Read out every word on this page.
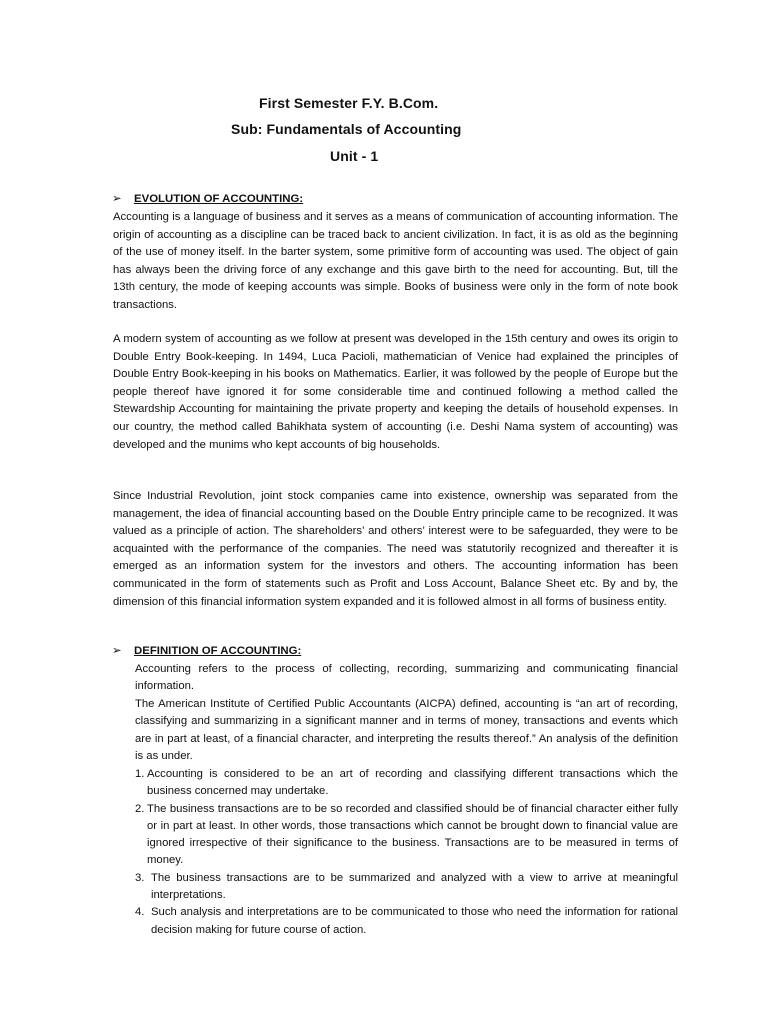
First Semester F.Y. B.Com.
Sub: Fundamentals of Accounting
Unit - 1
➢ EVOLUTION OF ACCOUNTING:

Accounting is a language of business and it serves as a means of communication of accounting information. The origin of accounting as a discipline can be traced back to ancient civilization. In fact, it is as old as the beginning of the use of money itself. In the barter system, some primitive form of accounting was used. The object of gain has always been the driving force of any exchange and this gave birth to the need for accounting. But, till the 13th century, the mode of keeping accounts was simple. Books of business were only in the form of note book transactions.

A modern system of accounting as we follow at present was developed in the 15th century and owes its origin to Double Entry Book-keeping. In 1494, Luca Pacioli, mathematician of Venice had explained the principles of Double Entry Book-keeping in his books on Mathematics. Earlier, it was followed by the people of Europe but the people thereof have ignored it for some considerable time and continued following a method called the Stewardship Accounting for maintaining the private property and keeping the details of household expenses. In our country, the method called Bahikhata system of accounting (i.e. Deshi Nama system of accounting) was developed and the munims who kept accounts of big households.

Since Industrial Revolution, joint stock companies came into existence, ownership was separated from the management, the idea of financial accounting based on the Double Entry principle came to be recognized. It was valued as a principle of action. The shareholders’ and others’ interest were to be safeguarded, they were to be acquainted with the performance of the companies. The need was statutorily recognized and thereafter it is emerged as an information system for the investors and others. The accounting information has been communicated in the form of statements such as Profit and Loss Account, Balance Sheet etc. By and by, the dimension of this financial information system expanded and it is followed almost in all forms of business entity.

➢ DEFINITION OF ACCOUNTING:

Accounting refers to the process of collecting, recording, summarizing and communicating financial information.

The American Institute of Certified Public Accountants (AICPA) defined, accounting is “an art of recording, classifying and summarizing in a significant manner and in terms of money, transactions and events which are in part at least, of a financial character, and interpreting the results thereof.” An analysis of the definition is as under.

1. Accounting is considered to be an art of recording and classifying different transactions which the business concerned may undertake.
2. The business transactions are to be so recorded and classified should be of financial character either fully or in part at least. In other words, those transactions which cannot be brought down to financial value are ignored irrespective of their significance to the business. Transactions are to be measured in terms of money.
3. The business transactions are to be summarized and analyzed with a view to arrive at meaningful interpretations.
4. Such analysis and interpretations are to be communicated to those who need the information for rational decision making for future course of action.
